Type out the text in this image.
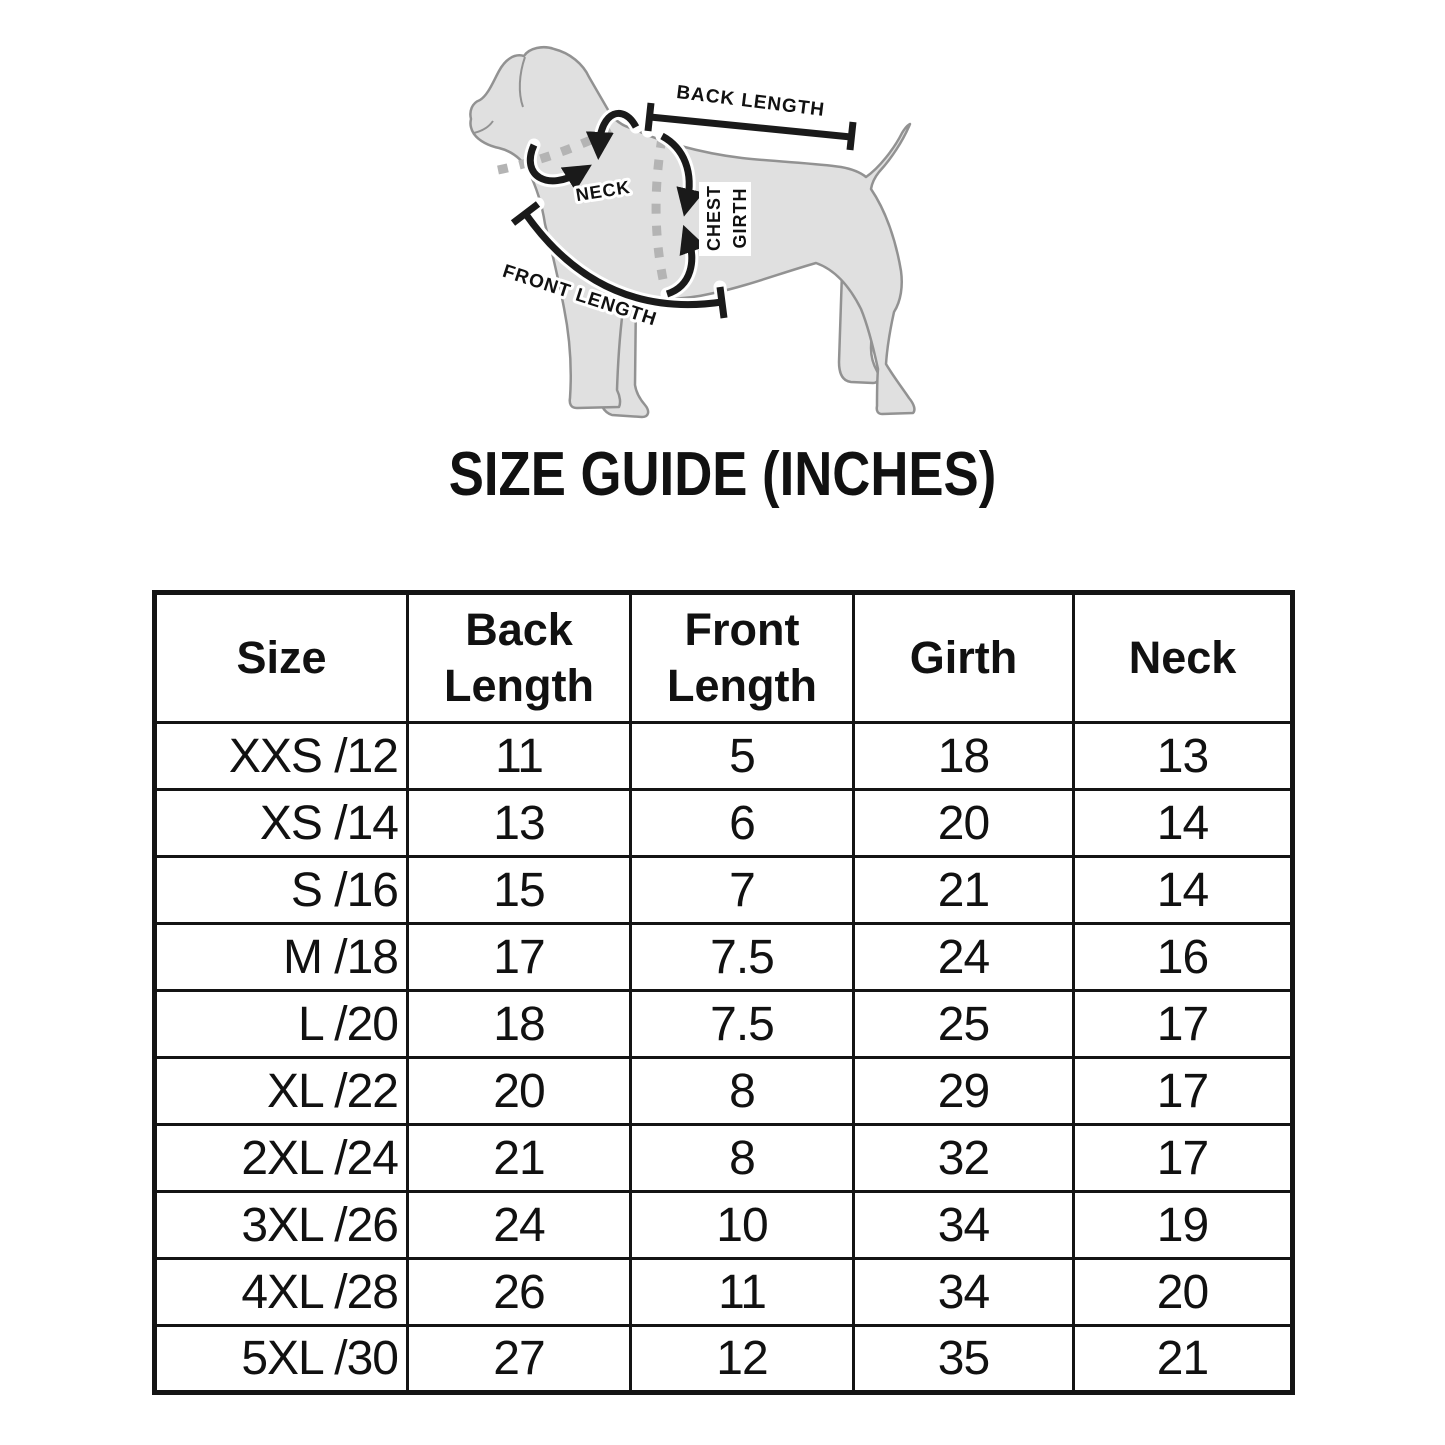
BACK LENGTH
NECK	CHEST GIRTH
FRONT LENGTH
SIZE GUIDE (INCHES)
Size	Back Length	Front Length	Girth	Neck
XXS /12	11	5	18	13
XS /14	13	6	20	14
S /16	15	7	21	14
M /18	17	7.5	24	16
L /20	18	7.5	25	17
XL /22	20	8	29	17
2XL /24	21	8	32	17
3XL /26	24	10	34	19
4XL /28	26	11	34	20
5XL /30	27	12	35	21
